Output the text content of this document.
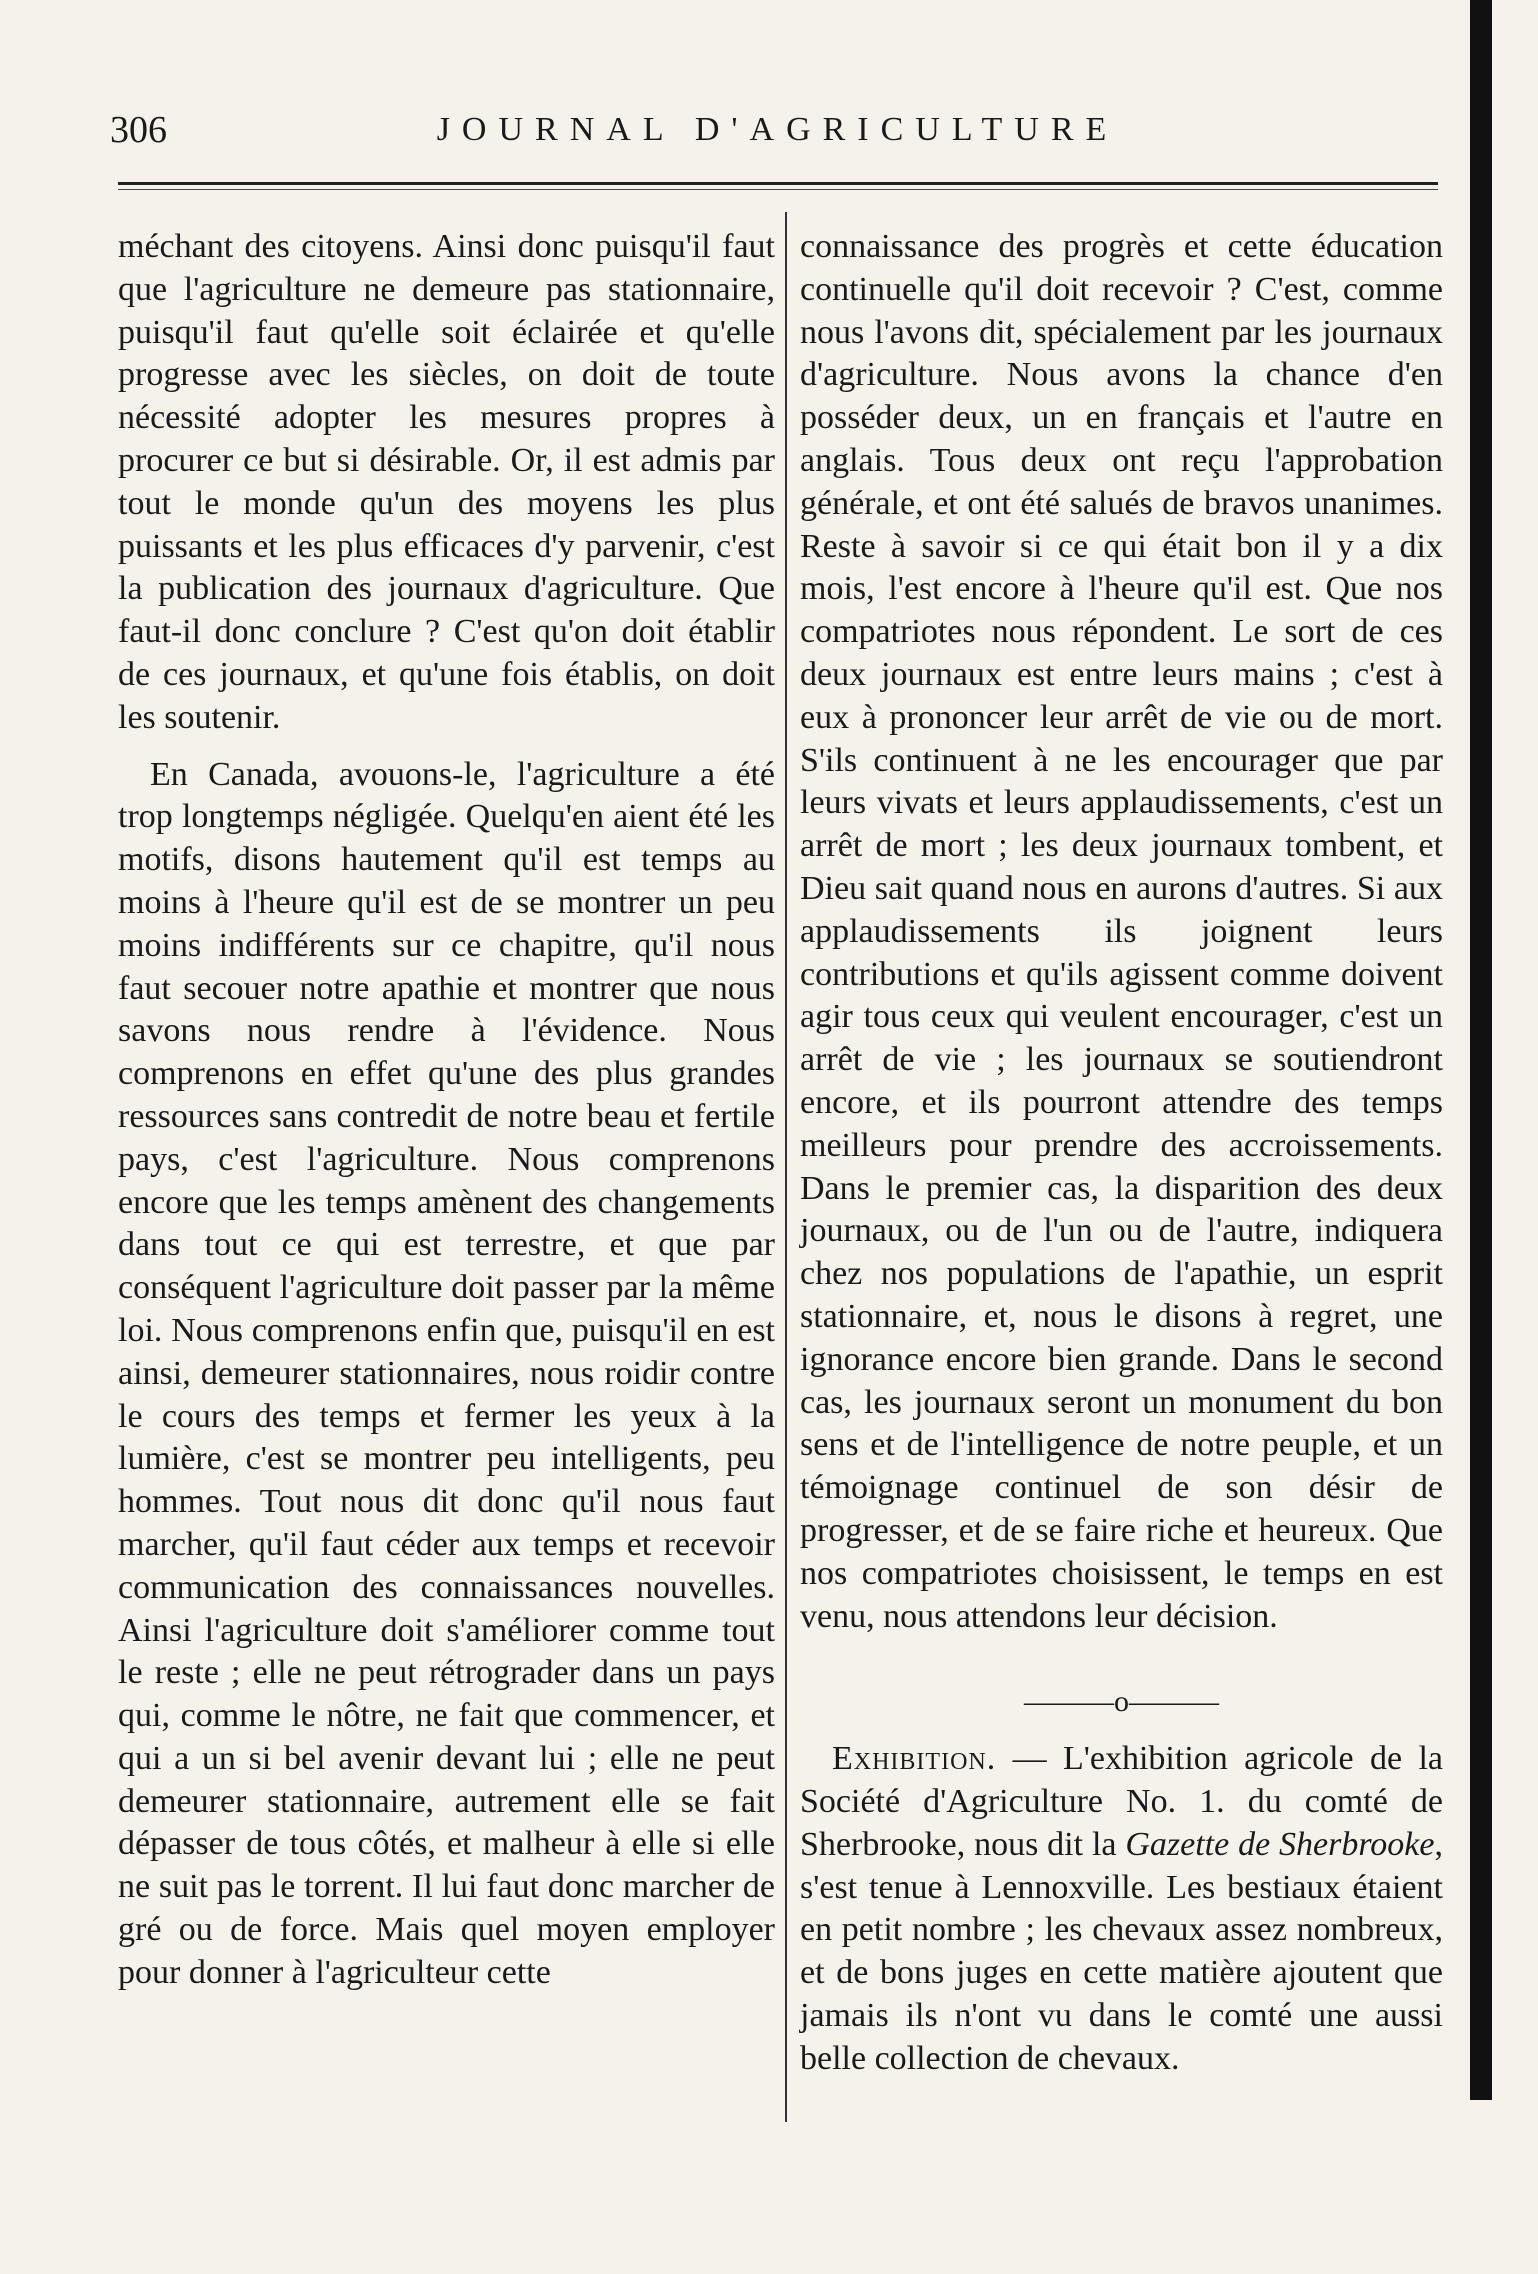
306	JOURNAL D'AGRICULTURE

méchant des citoyens. Ainsi donc puisqu'il faut que l'agriculture ne demeure pas stationnaire, puisqu'il faut qu'elle soit éclairée et qu'elle progresse avec les siècles, on doit de toute nécessité adopter les mesures propres à procurer ce but si désirable. Or, il est admis par tout le monde qu'un des moyens les plus puissants et les plus efficaces d'y parvenir, c'est la publication des journaux d'agriculture. Que faut-il donc conclure ? C'est qu'on doit établir de ces journaux, et qu'une fois établis, on doit les soutenir.

En Canada, avouons-le, l'agriculture a été trop longtemps négligée. Quelqu'en aient été les motifs, disons hautement qu'il est temps au moins à l'heure qu'il est de se montrer un peu moins indifférents sur ce chapitre, qu'il nous faut secouer notre apathie et montrer que nous savons nous rendre à l'évidence. Nous comprenons en effet qu'une des plus grandes ressources sans contredit de notre beau et fertile pays, c'est l'agriculture. Nous comprenons encore que les temps amènent des changements dans tout ce qui est terrestre, et que par conséquent l'agriculture doit passer par la même loi. Nous comprenons enfin que, puisqu'il en est ainsi, demeurer stationnaires, nous roidir contre le cours des temps et fermer les yeux à la lumière, c'est se montrer peu intelligents, peu hommes. Tout nous dit donc qu'il nous faut marcher, qu'il faut céder aux temps et recevoir communication des connaissances nouvelles. Ainsi l'agriculture doit s'améliorer comme tout le reste ; elle ne peut rétrograder dans un pays qui, comme le nôtre, ne fait que commencer, et qui a un si bel avenir devant lui ; elle ne peut demeurer stationnaire, autrement elle se fait dépasser de tous côtés, et malheur à elle si elle ne suit pas le torrent. Il lui faut donc marcher de gré ou de force. Mais quel moyen employer pour donner à l'agriculteur cette

connaissance des progrès et cette éducation continuelle qu'il doit recevoir ? C'est, comme nous l'avons dit, spécialement par les journaux d'agriculture. Nous avons la chance d'en posséder deux, un en français et l'autre en anglais. Tous deux ont reçu l'approbation générale, et ont été salués de bravos unanimes. Reste à savoir si ce qui était bon il y a dix mois, l'est encore à l'heure qu'il est. Que nos compatriotes nous répondent. Le sort de ces deux journaux est entre leurs mains ; c'est à eux à prononcer leur arrêt de vie ou de mort. S'ils continuent à ne les encourager que par leurs vivats et leurs applaudissements, c'est un arrêt de mort ; les deux journaux tombent, et Dieu sait quand nous en aurons d'autres. Si aux applaudissements ils joignent leurs contributions et qu'ils agissent comme doivent agir tous ceux qui veulent encourager, c'est un arrêt de vie ; les journaux se soutiendront encore, et ils pourront attendre des temps meilleurs pour prendre des accroissements. Dans le premier cas, la disparition des deux journaux, ou de l'un ou de l'autre, indiquera chez nos populations de l'apathie, un esprit stationnaire, et, nous le disons à regret, une ignorance encore bien grande. Dans le second cas, les journaux seront un monument du bon sens et de l'intelligence de notre peuple, et un témoignage continuel de son désir de progresser, et de se faire riche et heureux. Que nos compatriotes choisissent, le temps en est venu, nous attendons leur décision.

———o———

Exhibition. — L'exhibition agricole de la Société d'Agriculture No. 1. du comté de Sherbrooke, nous dit la Gazette de Sherbrooke, s'est tenue à Lennoxville. Les bestiaux étaient en petit nombre ; les chevaux assez nombreux, et de bons juges en cette matière ajoutent que jamais ils n'ont vu dans le comté une aussi belle collection de chevaux.
